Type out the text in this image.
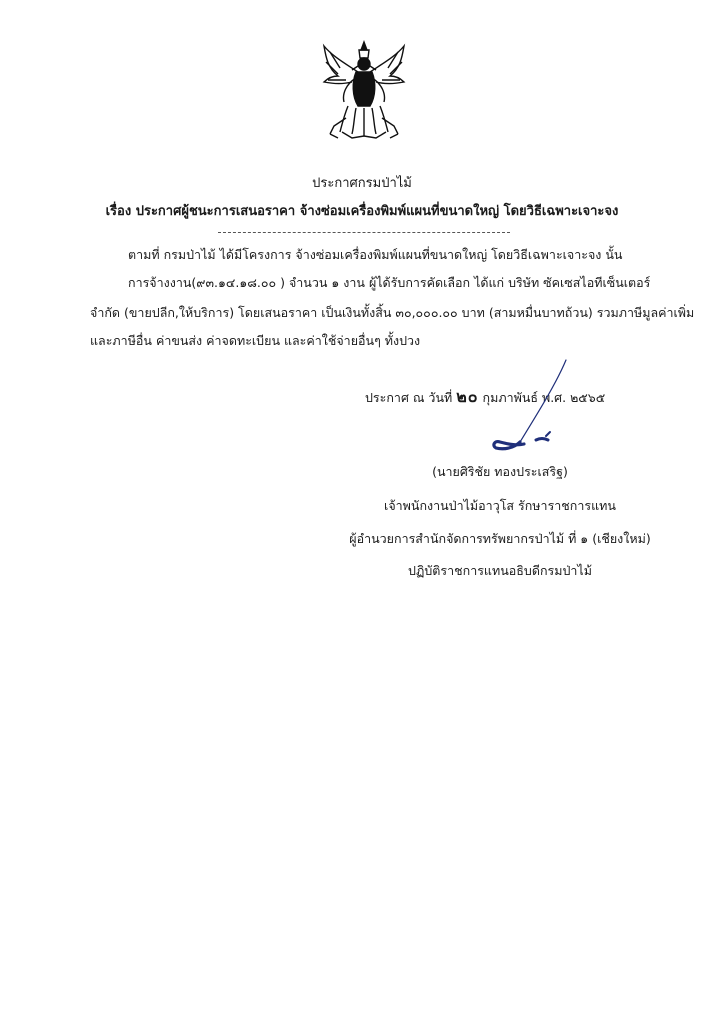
ประกาศกรมป่าไม้
เรื่อง ประกาศผู้ชนะการเสนอราคา จ้างซ่อมเครื่องพิมพ์แผนที่ขนาดใหญ่ โดยวิธีเฉพาะเจาะจง
ตามที่ กรมป่าไม้ ได้มีโครงการ จ้างซ่อมเครื่องพิมพ์แผนที่ขนาดใหญ่ โดยวิธีเฉพาะเจาะจง นั้น
การจ้างงาน(๙๓.๑๔.๑๘.๐๐ ) จำนวน ๑ งาน ผู้ได้รับการคัดเลือก ได้แก่ บริษัท ซัคเซสไอทีเซ็นเตอร์
จำกัด (ขายปลีก,ให้บริการ) โดยเสนอราคา เป็นเงินทั้งสิ้น ๓๐,๐๐๐.๐๐ บาท (สามหมื่นบาทถ้วน) รวมภาษีมูลค่าเพิ่ม
และภาษีอื่น ค่าขนส่ง ค่าจดทะเบียน และค่าใช้จ่ายอื่นๆ ทั้งปวง
ประกาศ ณ วันที่ ๒๐ กุมภาพันธ์ พ.ศ. ๒๕๖๕
(นายศิริชัย ทองประเสริฐ)
เจ้าพนักงานป่าไม้อาวุโส รักษาราชการแทน
ผู้อำนวยการสำนักจัดการทรัพยากรป่าไม้ ที่ ๑ (เชียงใหม่)
ปฏิบัติราชการแทนอธิบดีกรมป่าไม้
